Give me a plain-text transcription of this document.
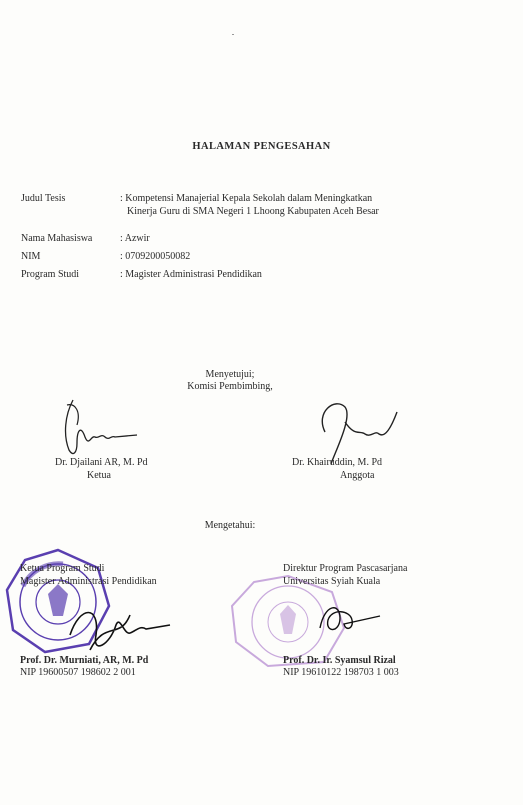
HALAMAN PENGESAHAN
Judul Tesis	: Kompetensi Manajerial Kepala Sekolah dalam Meningkatkan
Kinerja Guru di SMA Negeri 1 Lhoong Kabupaten Aceh Besar
Nama Mahasiswa	: Azwir
NIM	: 0709200050082
Program Studi	: Magister Administrasi Pendidikan
Menyetujui;
Komisi Pembimbing,
Dr. Djailani AR, M. Pd
Ketua
Dr. Khairuddin, M. Pd
Anggota
Mengetahui:
Ketua Program Studi
Magister Administrasi Pendidikan
Direktur Program Pascasarjana
Universitas Syiah Kuala
Prof. Dr. Murniati, AR, M. Pd
NIP 19600507 198602 2 001
Prof. Dr. Ir. Syamsul Rizal
NIP 19610122 198703 1 003
